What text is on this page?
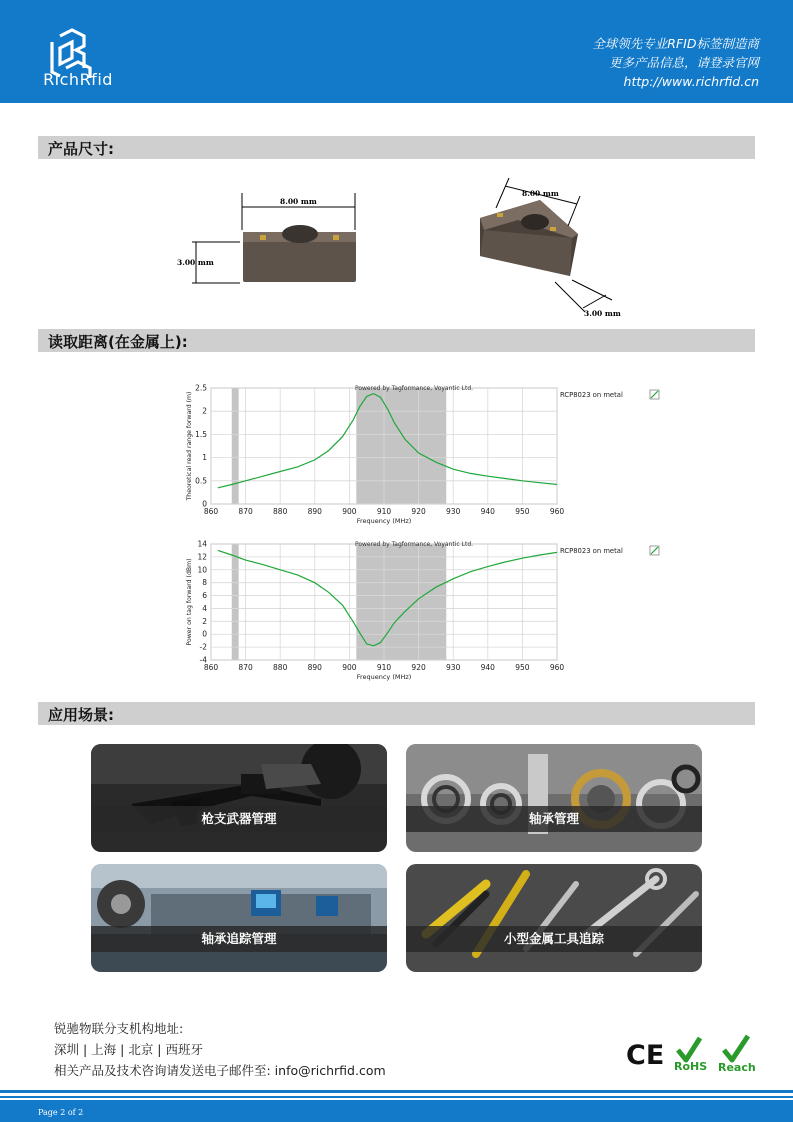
RichRfid
全球领先专业RFID标签制造商
更多产品信息，请登录官网
http://www.richrfid.cn
产品尺寸:
8.00 mm
3.00 mm
8.00 mm
3.00 mm
读取距离(在金属上):
860	870	880	890	900	910	920	930	940	950	960
0
0.5
1
1.5
2
2.5	Powered by Tagformance, Voyantic Ltd.
Frequency (MHz)
Theoretical read range forward (m)	RCP8023 on metal
860	870	880	890	900	910	920	930	940	950	960
-4
-2
0
2
4
6
8
10
12
14	Powered by Tagformance, Voyantic Ltd.
Frequency (MHz)
Power on tag forward (dBm)
RCP8023 on metal
应用场景:
枪支武器管理	轴承管理
轴承追踪管理	小型金属工具追踪
锐驰物联分支机构地址:
深圳 | 上海 | 北京 | 西班牙
相关产品及技术咨询请发送电子邮件至: info@richrfid.com	CE RoHS Reach
Page 2 of 2
